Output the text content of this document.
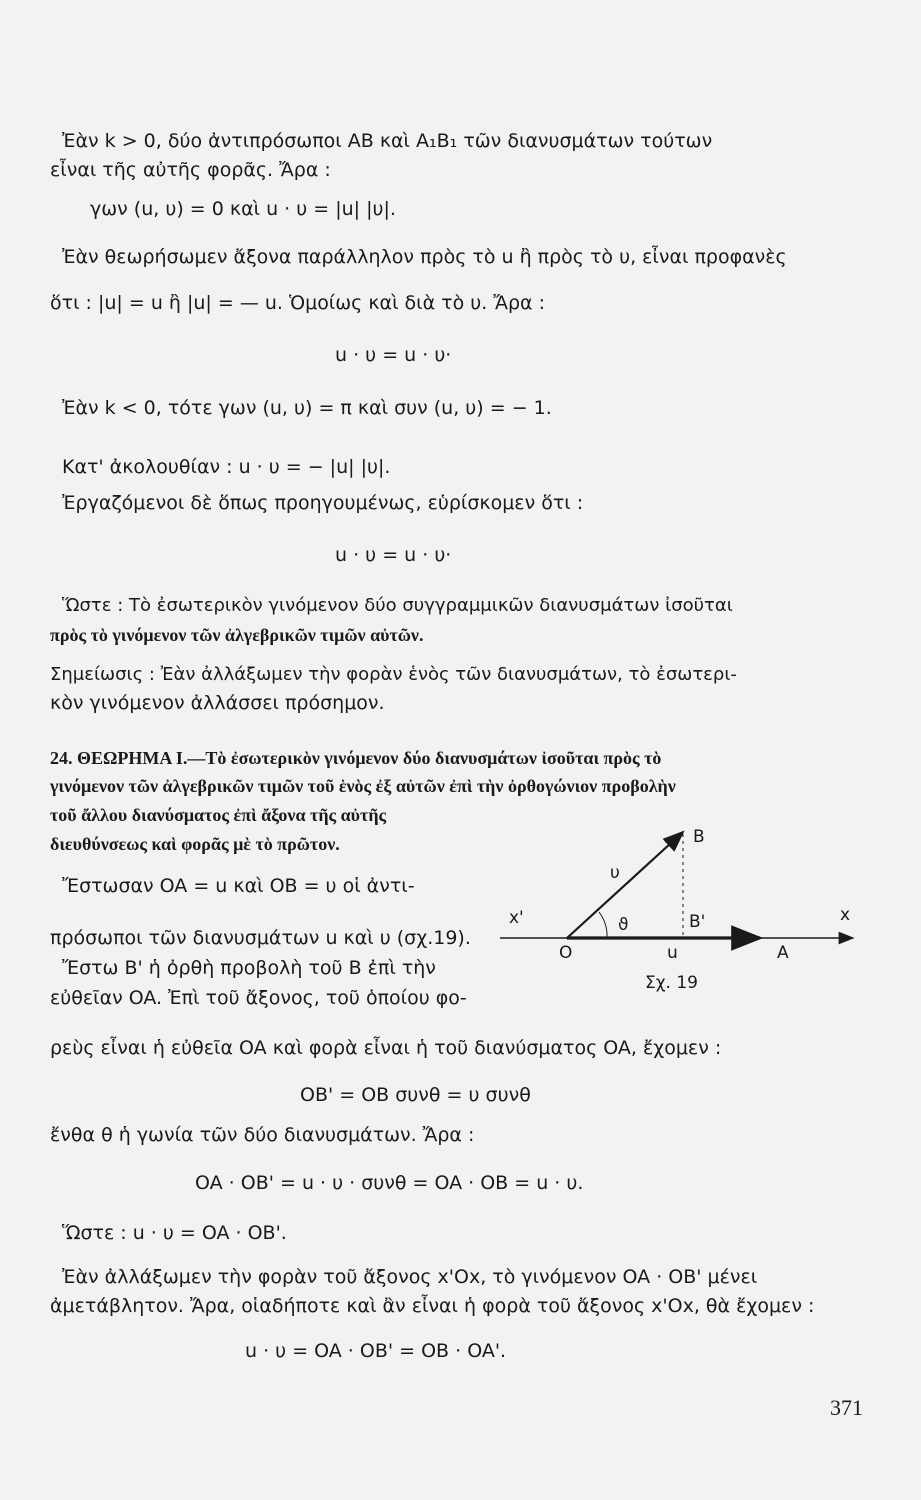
Ἐὰν k > 0, δύο ἀντιπρόσωποι AB καὶ A₁B₁ τῶν διανυσμάτων τούτων

εἶναι τῆς αὐτῆς φορᾶς. Ἄρα :

γων (u, υ) = 0 καὶ u · υ = |u| |υ|.

Ἐὰν θεωρήσωμεν ἄξονα παράλληλον πρὸς τὸ u ἢ πρὸς τὸ υ, εἶναι προφανὲς

ὅτι : |u| = u ἢ |u| = — u. Ὁμοίως καὶ διὰ τὸ υ. Ἄρα :

u · υ = u · υ·

Ἐὰν k < 0, τότε γων (u, υ) = π καὶ συν (u, υ) = − 1.

Κατ' ἀκολουθίαν : u · υ = − |u| |υ|.

Ἐργαζόμενοι δὲ ὅπως προηγουμένως, εὑρίσκομεν ὅτι :

u · υ = u · υ·

Ὥστε : Τὸ ἐσωτερικὸν γινόμενον δύο συγγραμμικῶν διανυσμάτων ἰσοῦται

πρὸς τὸ γινόμενον τῶν ἀλγεβρικῶν τιμῶν αὐτῶν.

Σημείωσις : Ἐὰν ἀλλάξωμεν τὴν φορὰν ἑνὸς τῶν διανυσμάτων, τὸ ἐσωτερι-

κὸν γινόμενον ἀλλάσσει πρόσημον.

24. ΘΕΩΡΗΜΑ I.—Τὸ ἐσωτερικὸν γινόμενον δύο διανυσμάτων ἰσοῦται πρὸς τὸ

γινόμενον τῶν ἀλγεβρικῶν τιμῶν τοῦ ἑνὸς ἐξ αὐτῶν ἐπὶ τὴν ὀρθογώνιον προβολὴν

τοῦ ἄλλου διανύσματος ἐπὶ ἄξονα τῆς αὐτῆς

διευθύνσεως καὶ φορᾶς μὲ τὸ πρῶτον.

Ἔστωσαν OA = u καὶ OB = υ οἱ ἀντι-

πρόσωποι τῶν διανυσμάτων u καὶ υ (σχ.19).

Ἔστω B' ἡ ὀρθὴ προβολὴ τοῦ B ἐπὶ τὴν

εὐθεῖαν OA. Ἐπὶ τοῦ ἄξονος, τοῦ ὁποίου φο-

ρεὺς εἶναι ἡ εὐθεῖα OA καὶ φορὰ εἶναι ἡ τοῦ διανύσματος OA, ἔχομεν :

OB' = OB συνθ = υ συνθ

ἔνθα θ ἡ γωνία τῶν δύο διανυσμάτων. Ἄρα :

OA · OB' = u · υ · συνθ = OA · OB = u · υ.

Ὥστε : u · υ = OA · OB'.

Ἐὰν ἀλλάξωμεν τὴν φορὰν τοῦ ἄξονος x'Ox, τὸ γινόμενον OA · OB' μένει

ἀμετάβλητον. Ἄρα, οἱαδήποτε καὶ ἂν εἶναι ἡ φορὰ τοῦ ἄξονος x'Ox, θὰ ἔχομεν :

u · υ = OA · OB' = OB · OA'.

B
υ
x'	ϑ	B'	x
O	u	A
Σχ. 19
371
